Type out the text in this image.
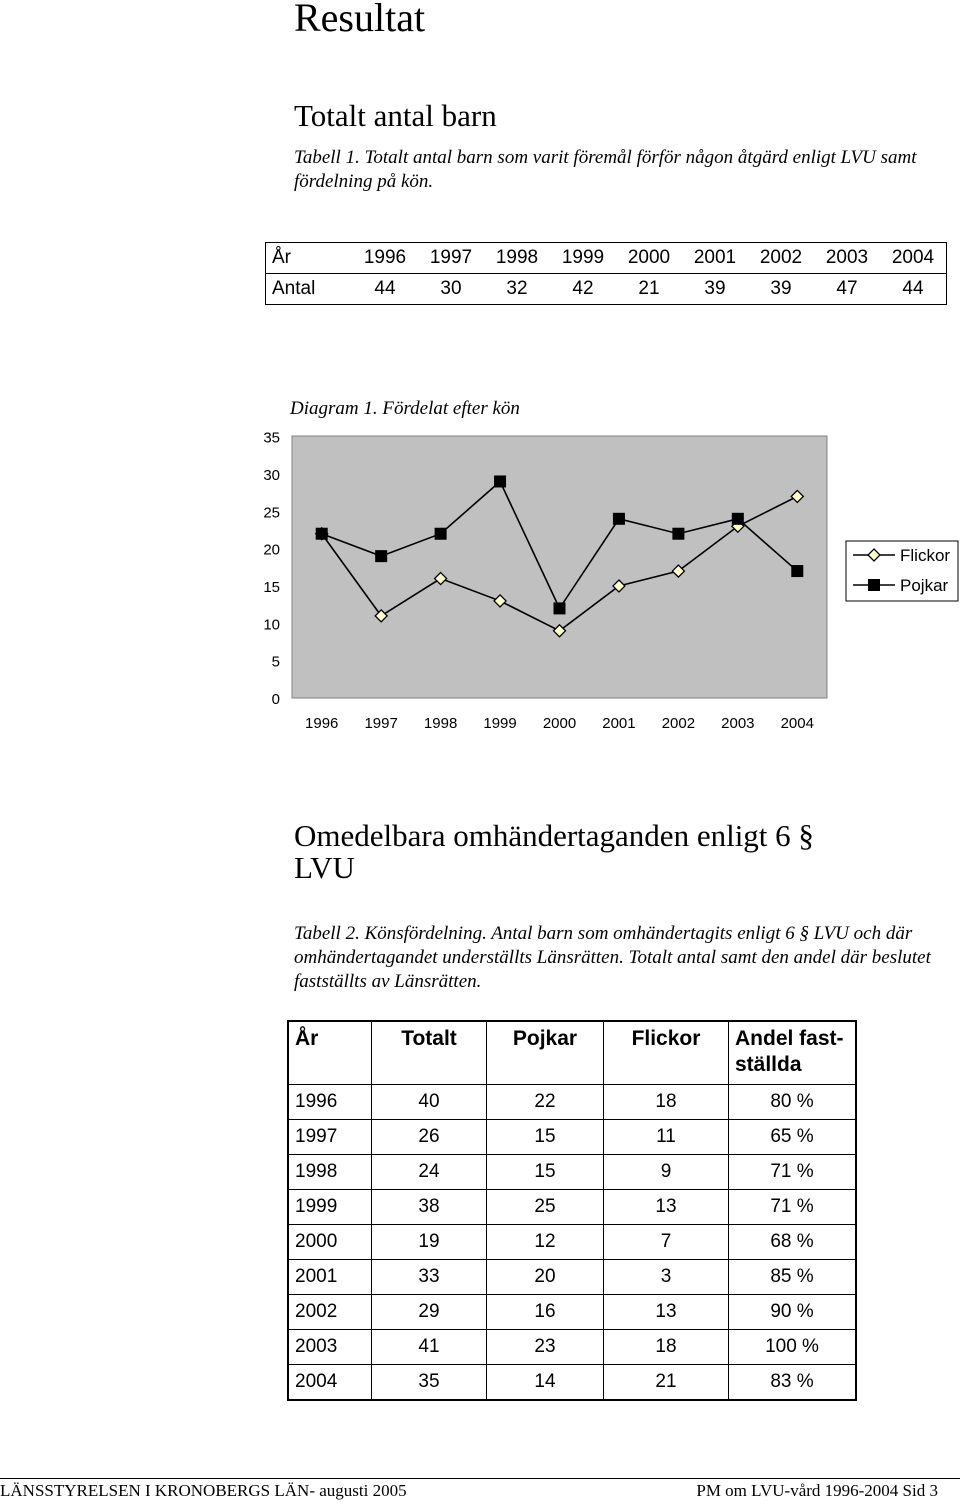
Resultat
Totalt antal barn

Tabell 1. Totalt antal barn som varit föremål förför någon åtgärd enligt LVU samt fördelning på kön.

År	1996	1997	1998	1999	2000	2001	2002	2003	2004
Antal	44	30	32	42	21	39	39	47	44
Diagram 1. Fördelat efter kön
0
5
10
15
20
25
30
35
1996 1997 1998 1999 2000 2001 2002 2003 2004
Flickor
Pojkar
Omedelbara omhändertaganden enligt 6 §
LVU

Tabell 2. Könsfördelning. Antal barn som omhändertagits enligt 6 § LVU och där omhändertagandet underställts Länsrätten. Totalt antal samt den andel där beslutet fastställts av Länsrätten.

År	Totalt	Pojkar	Flickor	Andel fast-ställda
1996	40	22	18	80 %
1997	26	15	11	65 %
1998	24	15	9	71 %
1999	38	25	13	71 %
2000	19	12	7	68 %
2001	33	20	3	85 %
2002	29	16	13	90 %
2003	41	23	18	100 %
2004	35	14	21	83 %
LÄNSSTYRELSEN I KRONOBERGS LÄN- augusti 2005	PM om LVU-vård 1996-2004 Sid 3
